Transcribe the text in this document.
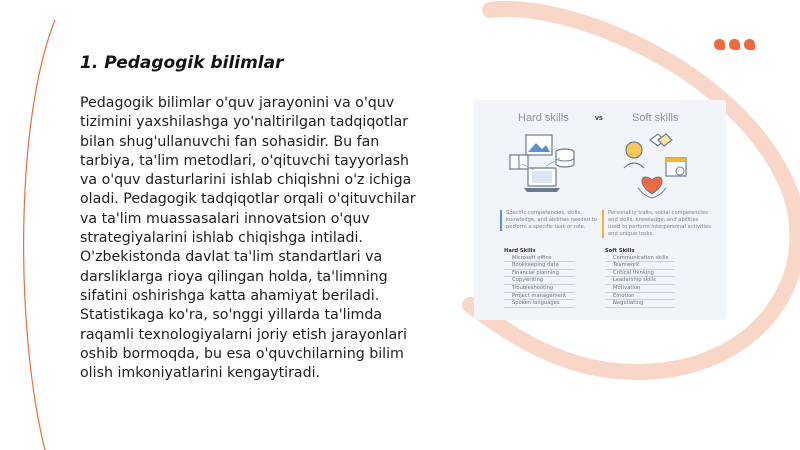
1. Pedagogik bilimlar
Pedagogik bilimlar o'quv jarayonini va o'quv tizimini yaxshilashga yo'naltirilgan tadqiqotlar bilan shug'ullanuvchi fan sohasidir. Bu fan tarbiya, ta'lim metodlari, o'qituvchi tayyorlash va o'quv dasturlarini ishlab chiqishni o'z ichiga oladi. Pedagogik tadqiqotlar orqali o'qituvchilar va ta'lim muassasalari innovatsion o'quv strategiyalarini ishlab chiqishga intiladi. O'zbekistonda davlat ta'lim standartlari va darsliklarga rioya qilingan holda, ta'limning sifatini oshirishga katta ahamiyat beriladi. Statistikaga ko'ra, so'nggi yillarda ta'limda raqamli texnologiyalarni joriy etish jarayonlari oshib bormoqda, bu esa o'quvchilarning bilim olish imkoniyatlarini kengaytiradi.
Hard skills	vs	Soft skills
Specific competencies, skills, knowledge, and abilities needed to perform a specific task or role.
Personality traits, social competencies and skills, knowledge, and abilities used to perform interpersonal activities and unique tasks.
Hard Skills
Microsoft office
Bookkeeping data
Financial planning
Copywriting
Troubleshooting
Project management
Spoken languages
Soft Skills
Communication skills
Teamwork
Critical thinking
Leadership skills
Motivation
Emotion
Negotiating
